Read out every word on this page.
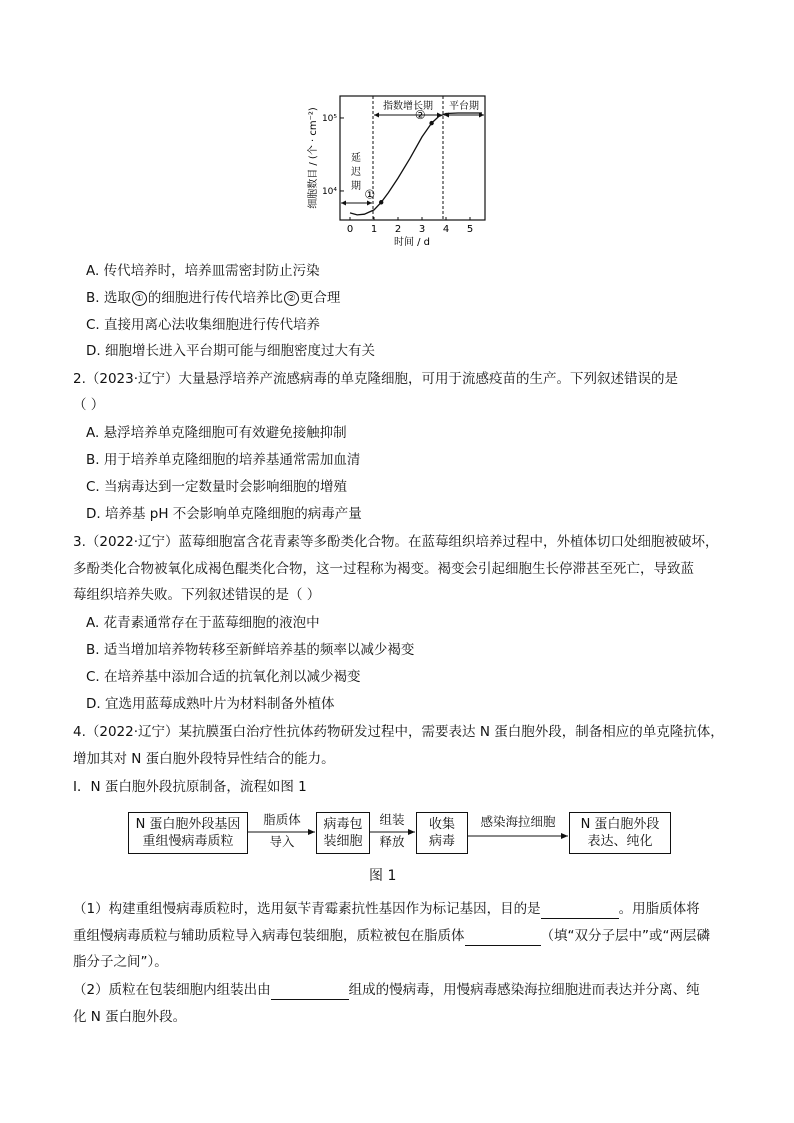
指数增长期 平台期
延
迟
期
0 1 2 3 4 5
10⁴
10⁵
①
②
细胞数目 / (个 · cm⁻²)
时间 / d
A. 传代培养时，培养皿需密封防止污染
B. 选取 ① 的细胞进行传代培养比 ② 更合理
C. 直接用离心法收集细胞进行传代培养
D. 细胞增长进入平台期可能与细胞密度过大有关
2.（2023·辽宁）大量悬浮培养产流感病毒的单克隆细胞，可用于流感疫苗的生产。下列叙述错误的是
（ ）
A. 悬浮培养单克隆细胞可有效避免接触抑制
B. 用于培养单克隆细胞的培养基通常需加血清
C. 当病毒达到一定数量时会影响细胞的增殖
D. 培养基 pH 不会影响单克隆细胞的病毒产量
3.（2022·辽宁）蓝莓细胞富含花青素等多酚类化合物。在蓝莓组织培养过程中，外植体切口处细胞被破坏，
多酚类化合物被氧化成褐色醌类化合物，这一过程称为褐变。褐变会引起细胞生长停滞甚至死亡，导致蓝
莓组织培养失败。下列叙述错误的是（ ）
A. 花青素通常存在于蓝莓细胞的液泡中
B. 适当增加培养物转移至新鲜培养基的频率以减少褐变
C. 在培养基中添加合适的抗氧化剂以减少褐变
D. 宜选用蓝莓成熟叶片为材料制备外植体
4.（2022·辽宁）某抗膜蛋白治疗性抗体药物研发过程中，需要表达 N 蛋白胞外段，制备相应的单克隆抗体，
增加其对 N 蛋白胞外段特异性结合的能力。
Ⅰ．N 蛋白胞外段抗原制备，流程如图 1
N 蛋白胞外段基因
重组慢病毒质粒
脂质体
导入
病毒包
装细胞
组装
释放
收集
病毒
感染海拉细胞	N 蛋白胞外段
表达、纯化
图 1
（1）构建重组慢病毒质粒时，选用氨苄青霉素抗性基因作为标记基因，目的是	。用脂质体将
重组慢病毒质粒与辅助质粒导入病毒包装细胞，质粒被包在脂质体	（填“双分子层中”或“两层磷
脂分子之间”）。
（2）质粒在包装细胞内组装出由	组成的慢病毒，用慢病毒感染海拉细胞进而表达并分离、纯
化 N 蛋白胞外段。
